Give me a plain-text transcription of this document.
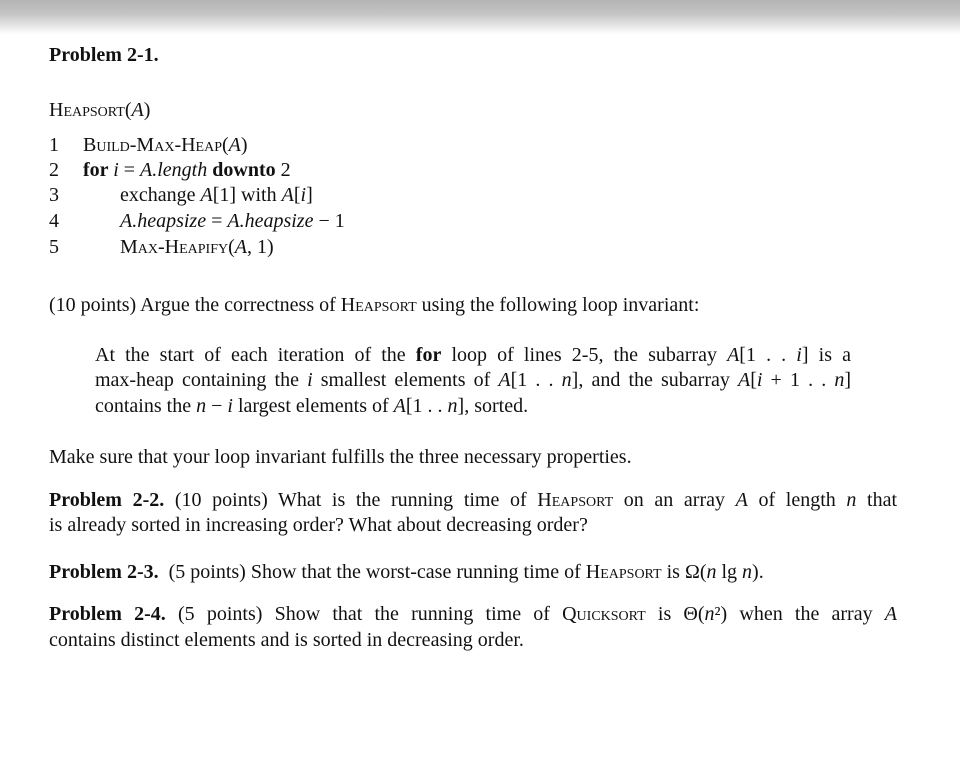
Problem 2-1.
Heapsort(A)
1 Build-Max-Heap(A)
2 for i = A.length downto 2
3	exchange A[1] with A[i]
4	A.heapsize = A.heapsize − 1
5	Max-Heapify(A, 1)
(10 points) Argue the correctness of Heapsort using the following loop invariant:
At the start of each iteration of the for loop of lines 2-5, the subarray A[1 . . i] is a
max-heap containing the i smallest elements of A[1 . . n], and the subarray A[i + 1 . . n]
contains the n − i largest elements of A[1 . . n], sorted.
Make sure that your loop invariant fulfills the three necessary properties.
Problem 2-2. (10 points) What is the running time of Heapsort on an array A of length n that
is already sorted in increasing order? What about decreasing order?
Problem 2-3.  (5 points) Show that the worst-case running time of Heapsort is Ω(n lg n).
Problem 2-4. (5 points) Show that the running time of Quicksort is Θ(n²) when the array A
contains distinct elements and is sorted in decreasing order.
